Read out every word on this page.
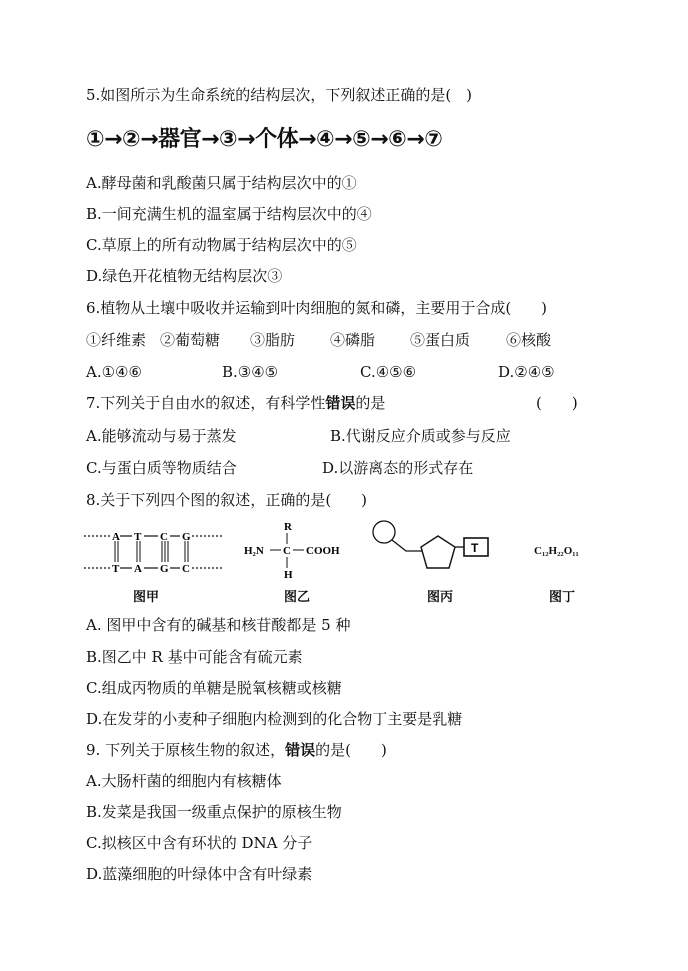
5.如图所示为生命系统的结构层次，下列叙述正确的是(　)
①→②→器官→③→个体→④→⑤→⑥→⑦
A.酵母菌和乳酸菌只属于结构层次中的①
B.一间充满生机的温室属于结构层次中的④
C.草原上的所有动物属于结构层次中的⑤
D.绿色开花植物无结构层次③
6.植物从土壤中吸收并运输到叶肉细胞的氮和磷，主要用于合成(　　)
①纤维素 ②葡萄糖 ③脂肪 ④磷脂 ⑤蛋白质 ⑥核酸
A.①④⑥	B.③④⑤	C.④⑤⑥	D.②④⑤
7.下列关于自由水的叙述，有科学性错误的是	(　　)
A.能够流动与易于蒸发	B.代谢反应介质或参与反应
C.与蛋白质等物质结合	D.以游离态的形式存在
8.关于下列四个图的叙述，正确的是(　　)
A T C G
T A G C
图甲
R
H₂N C COOH
H
图乙
T
图丙
C₁₂H₂₂O₁₁
图丁
A. 图甲中含有的碱基和核苷酸都是 5 种
B.图乙中 R 基中可能含有硫元素
C.组成丙物质的单糖是脱氧核糖或核糖
D.在发芽的小麦种子细胞内检测到的化合物丁主要是乳糖
9. 下列关于原核生物的叙述，错误的是(　　)
A.大肠杆菌的细胞内有核糖体
B.发菜是我国一级重点保护的原核生物
C.拟核区中含有环状的 DNA 分子
D.蓝藻细胞的叶绿体中含有叶绿素
